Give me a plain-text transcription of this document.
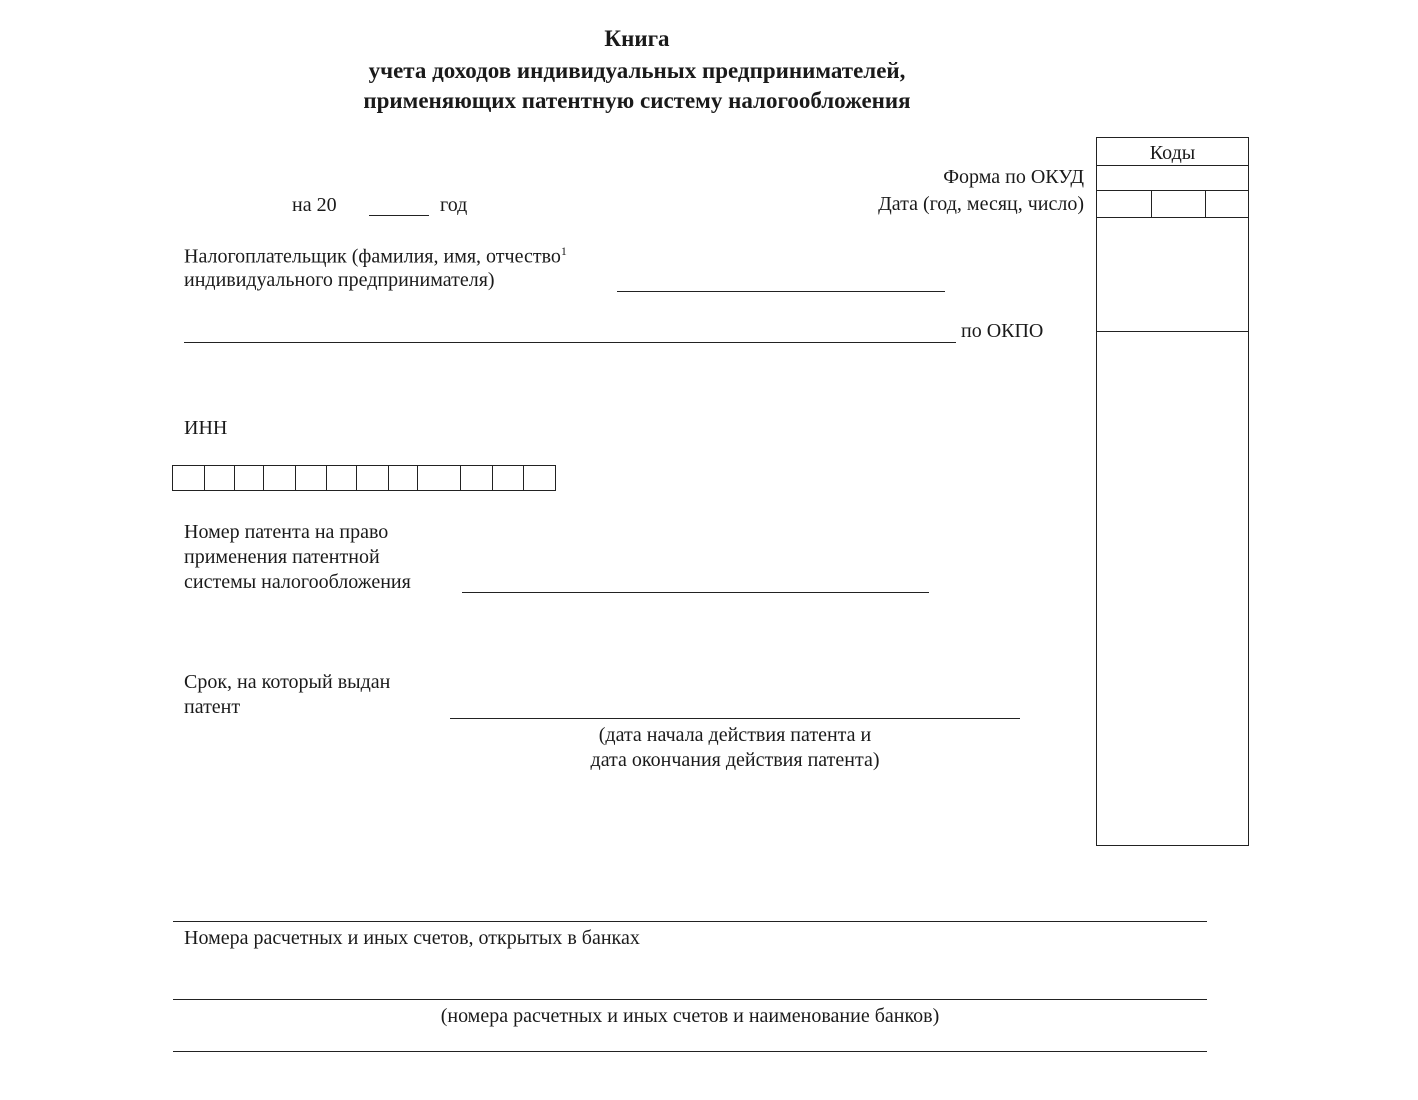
Книга
учета доходов индивидуальных предпринимателей,
применяющих патентную систему налогообложения
Коды
Форма по ОКУД
Дата (год, месяц, число)
на 20	год
Налогоплательщик (фамилия, имя, отчество$^1$
индивидуального предпринимателя)
по ОКПО
ИНН
Номер патента на право
применения патентной
системы налогообложения
Срок, на который выдан
патент
(дата начала действия патента и
дата окончания действия патента)
Номера расчетных и иных счетов, открытых в банках
(номера расчетных и иных счетов и наименование банков)
